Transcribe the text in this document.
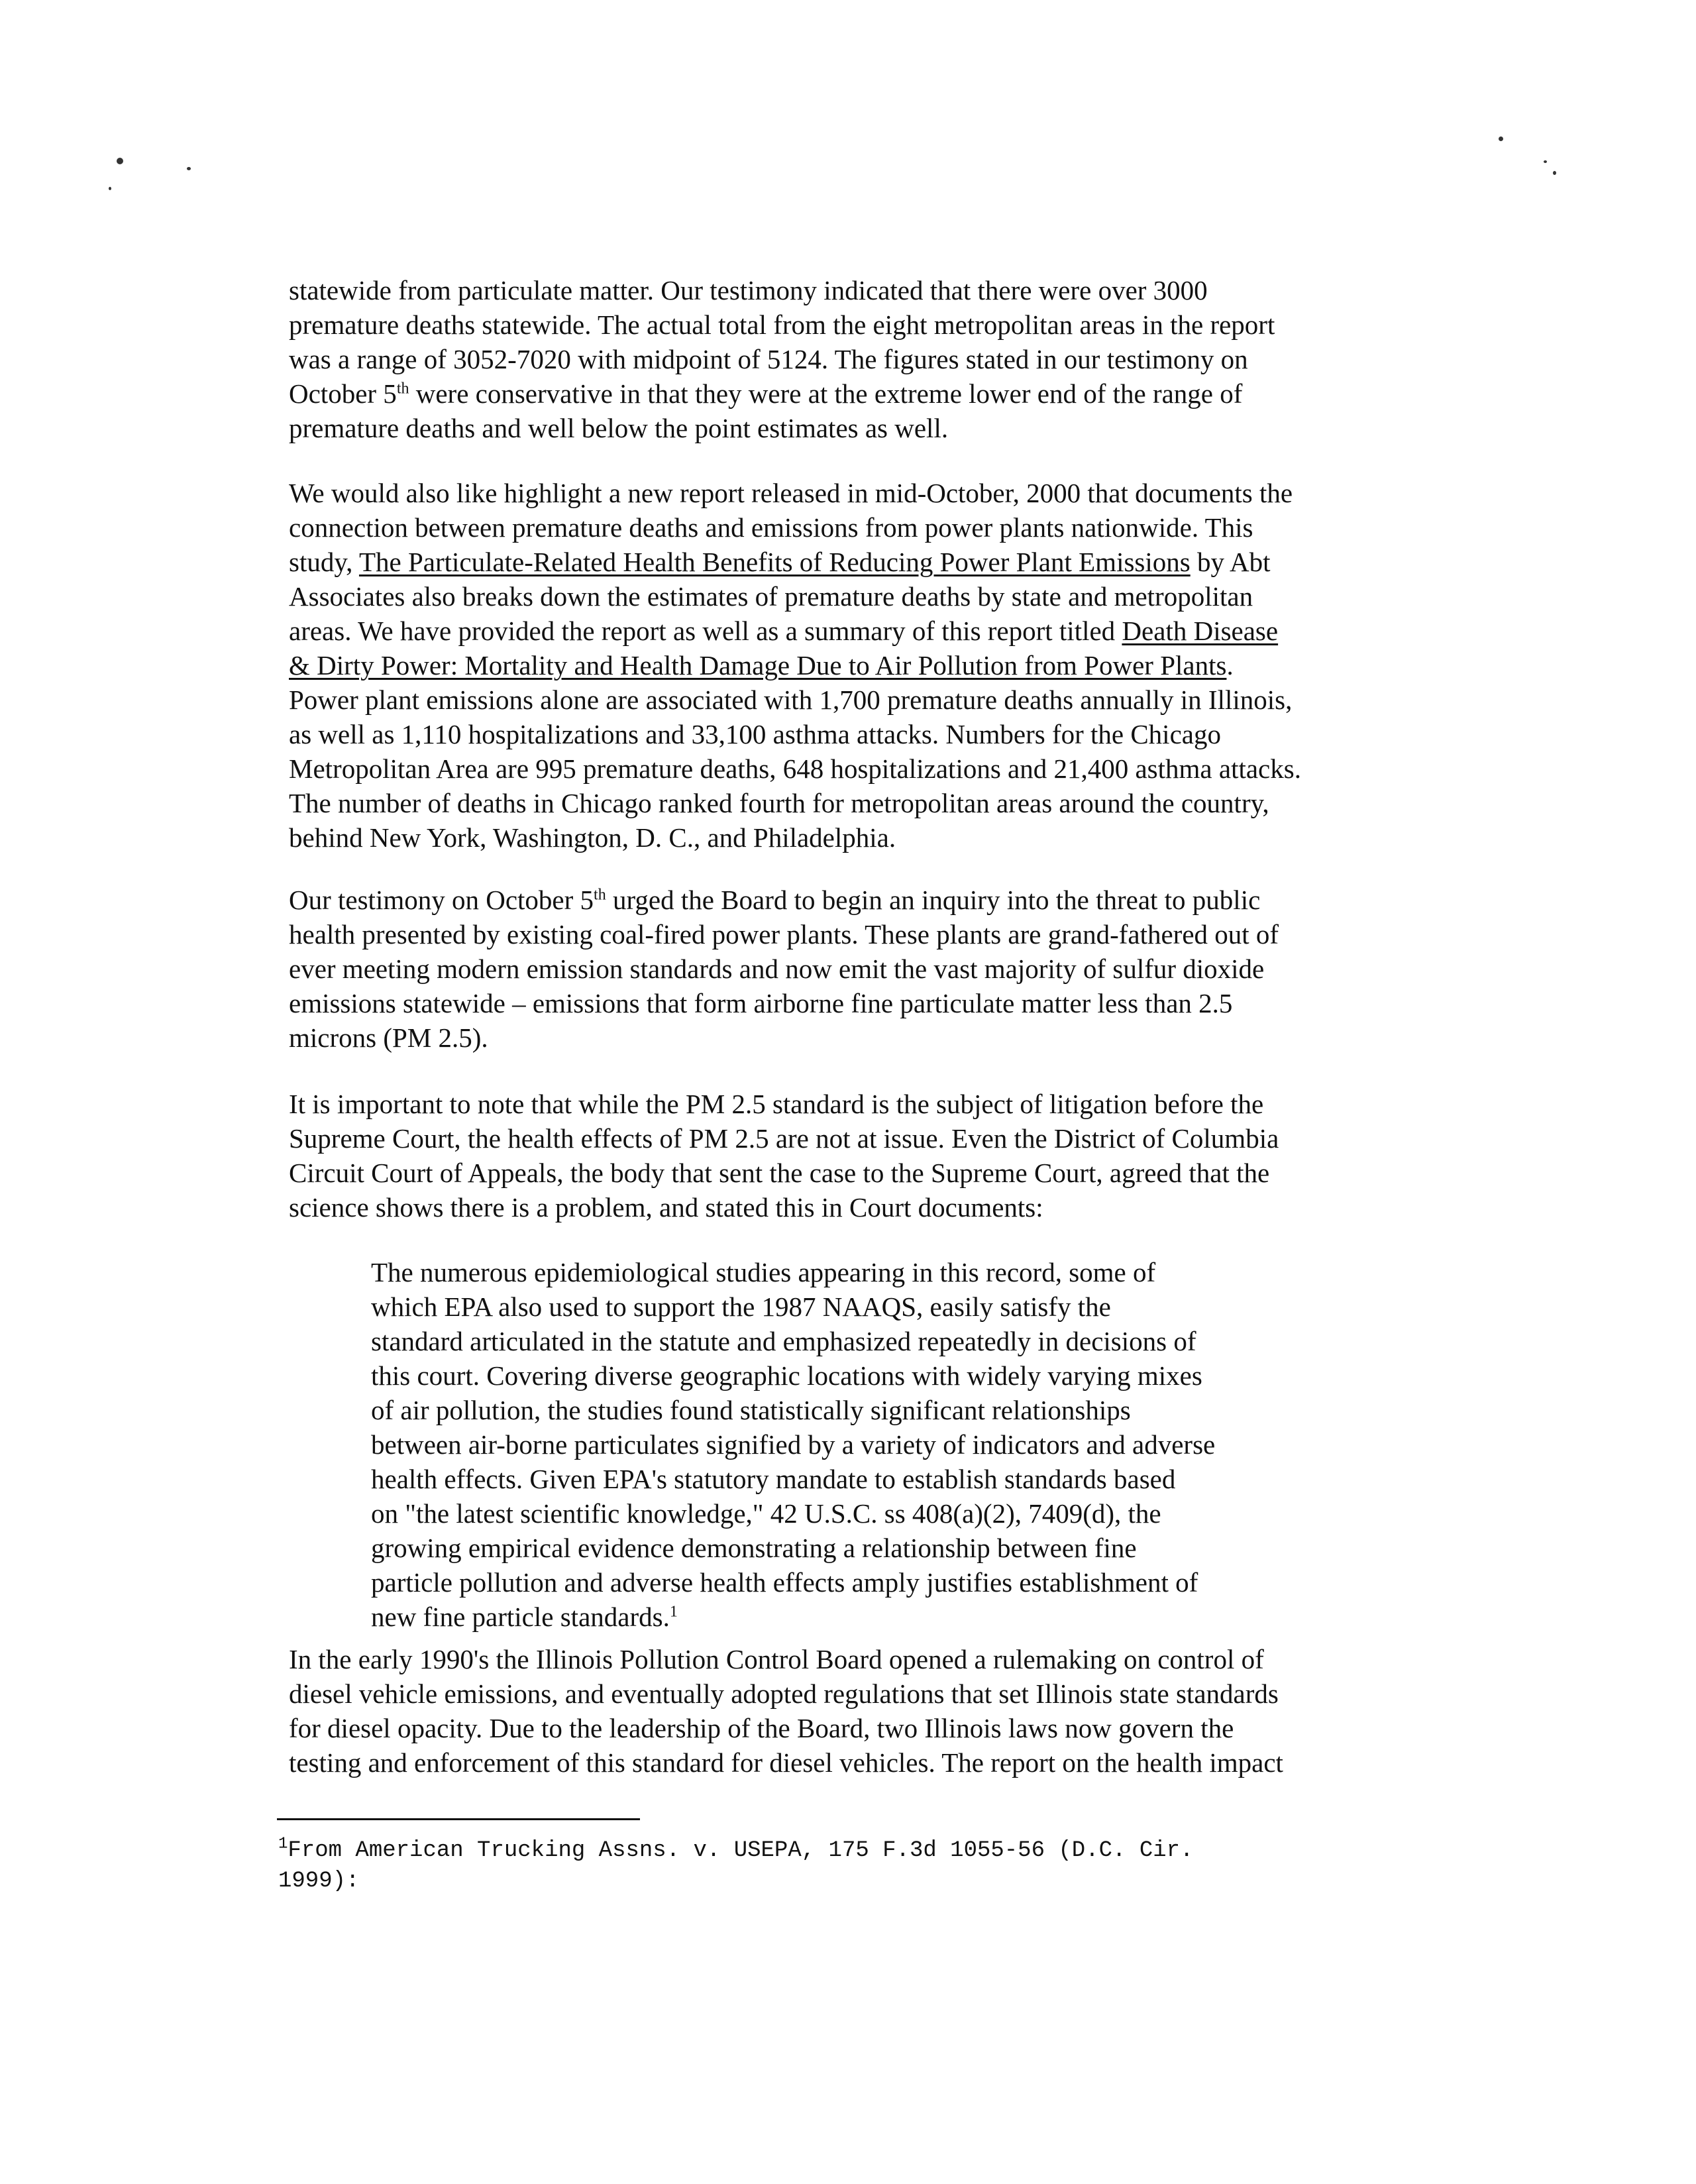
statewide from particulate matter. Our testimony indicated that there were over 3000
premature deaths statewide. The actual total from the eight metropolitan areas in the report
was a range of 3052-7020 with midpoint of 5124. The figures stated in our testimony on
October 5th were conservative in that they were at the extreme lower end of the range of
premature deaths and well below the point estimates as well.

We would also like highlight a new report released in mid-October, 2000 that documents the
connection between premature deaths and emissions from power plants nationwide. This
study, The Particulate-Related Health Benefits of Reducing Power Plant Emissions by Abt
Associates also breaks down the estimates of premature deaths by state and metropolitan
areas. We have provided the report as well as a summary of this report titled Death Disease
& Dirty Power: Mortality and Health Damage Due to Air Pollution from Power Plants.
Power plant emissions alone are associated with 1,700 premature deaths annually in Illinois,
as well as 1,110 hospitalizations and 33,100 asthma attacks. Numbers for the Chicago
Metropolitan Area are 995 premature deaths, 648 hospitalizations and 21,400 asthma attacks.
The number of deaths in Chicago ranked fourth for metropolitan areas around the country,
behind New York, Washington, D. C., and Philadelphia.

Our testimony on October 5th urged the Board to begin an inquiry into the threat to public
health presented by existing coal-fired power plants. These plants are grand-fathered out of
ever meeting modern emission standards and now emit the vast majority of sulfur dioxide
emissions statewide – emissions that form airborne fine particulate matter less than 2.5
microns (PM 2.5).

It is important to note that while the PM 2.5 standard is the subject of litigation before the
Supreme Court, the health effects of PM 2.5 are not at issue. Even the District of Columbia
Circuit Court of Appeals, the body that sent the case to the Supreme Court, agreed that the
science shows there is a problem, and stated this in Court documents:

The numerous epidemiological studies appearing in this record, some of
which EPA also used to support the 1987 NAAQS, easily satisfy the
standard articulated in the statute and emphasized repeatedly in decisions of
this court. Covering diverse geographic locations with widely varying mixes
of air pollution, the studies found statistically significant relationships
between air-borne particulates signified by a variety of indicators and adverse
health effects. Given EPA's statutory mandate to establish standards based
on "the latest scientific knowledge," 42 U.S.C. ss 408(a)(2), 7409(d), the
growing empirical evidence demonstrating a relationship between fine
particle pollution and adverse health effects amply justifies establishment of
new fine particle standards.$^1$

In the early 1990's the Illinois Pollution Control Board opened a rulemaking on control of
diesel vehicle emissions, and eventually adopted regulations that set Illinois state standards
for diesel opacity. Due to the leadership of the Board, two Illinois laws now govern the
testing and enforcement of this standard for diesel vehicles. The report on the health impact

$^1$From American Trucking Assns. v. USEPA, 175 F.3d 1055-56 (D.C. Cir.
1999):
